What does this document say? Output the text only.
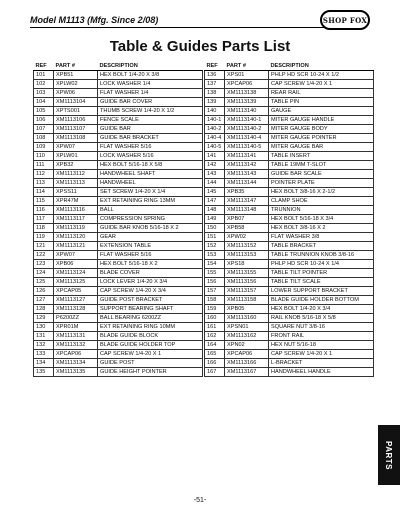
Model M1113 (Mfg. Since 2/08)	SHOP FOX
Table & Guides Parts List
REF	PART #	DESCRIPTION
101	XPB51	HEX BOLT 1/4-20 X 3/8
102	XPLW02	LOCK WASHER 1/4
103	XPW06	FLAT WASHER 1/4
104	XM1113104	GUIDE BAR COVER
105	XPTS001	THUMB SCREW 1/4-20 X 1/2
106	XM1113106	FENCE SCALE
107	XM1113107	GUIDE BAR
108	XM1113108	GUIDE BAR BRACKET
109	XPW07	FLAT WASHER 5/16
110	XPLW01	LOCK WASHER 5/16
111	XPB32	HEX BOLT 5/16-18 X 5/8
112	XM1113112	HANDWHEEL SHAFT
113	XM1113113	HANDWHEEL
114	XPSS11	SET SCREW 1/4-20 X 1/4
115	XPR47M	EXT RETAINING RING 13MM
116	XM1113116	BALL
117	XM1113117	COMPRESSION SPRING
118	XM1113119	GUIDE BAR KNOB 5/16-18 X 2
119	XM1113120	GEAR
121	XM1113121	EXTENSION TABLE
122	XPW07	FLAT WASHER 5/16
123	XPB06	HEX BOLT 5/16-18 X 2
124	XM1113124	BLADE COVER
125	XM1113125	LOCK LEVER 1/4-20 X 3/4
126	XPCAP05	CAP SCREW 1/4-20 X 3/4
127	XM1113127	GUIDE POST BRACKET
128	XM1113128	SUPPORT BEARING SHAFT
129	P6200ZZ	BALL BEARING 6200ZZ
130	XPR01M	EXT RETAINING RING 10MM
131	XM1113131	BLADE GUIDE BLOCK
132	XM1113132	BLADE GUIDE HOLDER TOP
133	XPCAP06	CAP SCREW 1/4-20 X 1
134	XM1113134	GUIDE POST
135	XM1113135	GUIDE HEIGHT POINTER
REF	PART #	DESCRIPTION
136	XPS01	PHLP HD SCR 10-24 X 1/2
137	XPCAP06	CAP SCREW 1/4-20 X 1
138	XM1113138	REAR RAIL
139	XM1113139	TABLE PIN
140	XM1113140	GAUGE
140-1	XM1113140-1	MITER GAUGE HANDLE
140-2	XM1113140-2	MITER GAUGE BODY
140-4	XM1113140-4	MITER GAUGE POINTER
140-5	XM1113140-5	MITER GAUGE BAR
141	XM1113141	TABLE INSERT
142	XM1113142	TABLE 19MM T-SLOT
143	XM1113143	GUIDE BAR SCALE
144	XM1113144	POINTER PLATE
145	XPB35	HEX BOLT 3/8-16 X 2-1/2
147	XM1113147	CLAMP SHOE
148	XM1113148	TRUNNION
149	XPB07	HEX BOLT 5/16-18 X 3/4
150	XPB58	HEX BOLT 3/8-16 X 2
151	XPW02	FLAT WASHER 3/8
152	XM1113152	TABLE BRACKET
153	XM1113153	TABLE TRUNNION KNOB 3/8-16
154	XPS18	PHLP HD SCR 10-24 X 1/4
155	XM1113155	TABLE TILT POINTER
156	XM1113156	TABLE TILT SCALE
157	XM1113157	LOWER SUPPORT BRACKET
158	XM1113158	BLADE GUIDE HOLDER BOTTOM
159	XPB05	HEX BOLT 1/4-20 X 3/4
160	XM1113160	RAIL KNOB 5/16-18 X 5/8
161	XPSN01	SQUARE NUT 3/8-16
162	XM1113162	FRONT RAIL
164	XPN02	HEX NUT 5/16-18
165	XPCAP06	CAP SCREW 1/4-20 X 1
166	XM1113166	L-BRACKET
167	XM1113167	HANDWHEEL HANDLE
PARTS
-51-
